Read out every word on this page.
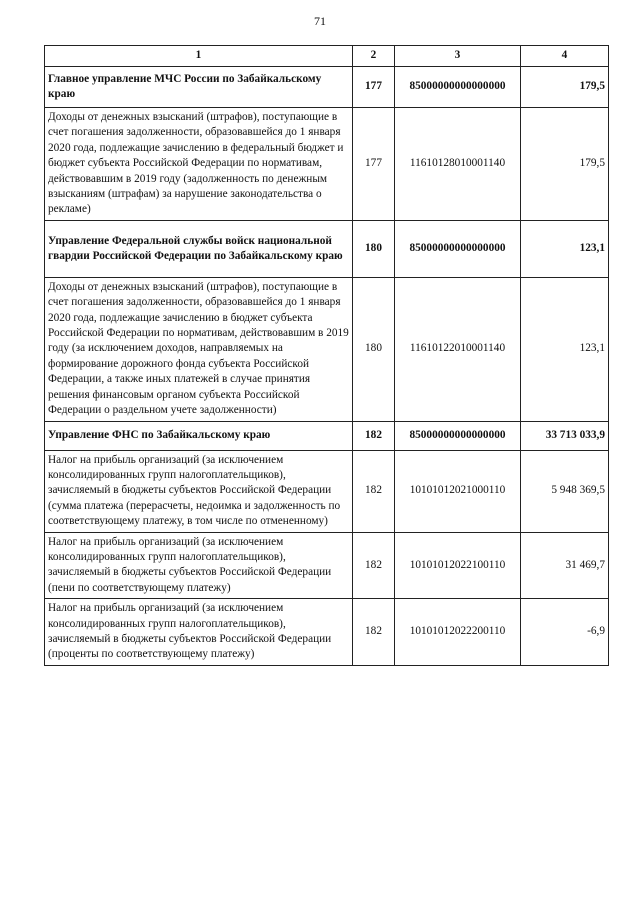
71
1	2	3	4
Главное управление МЧС России по Забайкальскому краю	177	85000000000000000	179,5
Доходы от денежных взысканий (штрафов), поступающие в счет погашения задолженности, образовавшейся до 1 января 2020 года, подлежащие зачислению в федеральный бюджет и бюджет субъекта Российской Федерации по нормативам, действовавшим в 2019 году (задолженность по денежным взысканиям (штрафам) за нарушение законодательства о рекламе)	177	11610128010001140	179,5
Управление Федеральной службы войск национальной гвардии Российской Федерации по Забайкальскому краю	180	85000000000000000	123,1
Доходы от денежных взысканий (штрафов), поступающие в счет погашения задолженности, образовавшейся до 1 января 2020 года, подлежащие зачислению в бюджет субъекта Российской Федерации по нормативам, действовавшим в 2019 году (за исключением доходов, направляемых на формирование дорожного фонда субъекта Российской Федерации, а также иных платежей в случае принятия решения финансовым органом субъекта Российской Федерации о раздельном учете задолженности)	180	11610122010001140	123,1
Управление ФНС по Забайкальскому краю	182	85000000000000000	33 713 033,9
Налог на прибыль организаций (за исключением консолидированных групп налогоплательщиков), зачисляемый в бюджеты субъектов Российской Федерации (сумма платежа (перерасчеты, недоимка и задолженность по соответствующему платежу, в том числе по отмененному)	182	10101012021000110	5 948 369,5
Налог на прибыль организаций (за исключением консолидированных групп налогоплательщиков), зачисляемый в бюджеты субъектов Российской Федерации (пени по соответствующему платежу)	182	10101012022100110	31 469,7
Налог на прибыль организаций (за исключением консолидированных групп налогоплательщиков), зачисляемый в бюджеты субъектов Российской Федерации (проценты по соответствующему платежу)	182	10101012022200110	-6,9
